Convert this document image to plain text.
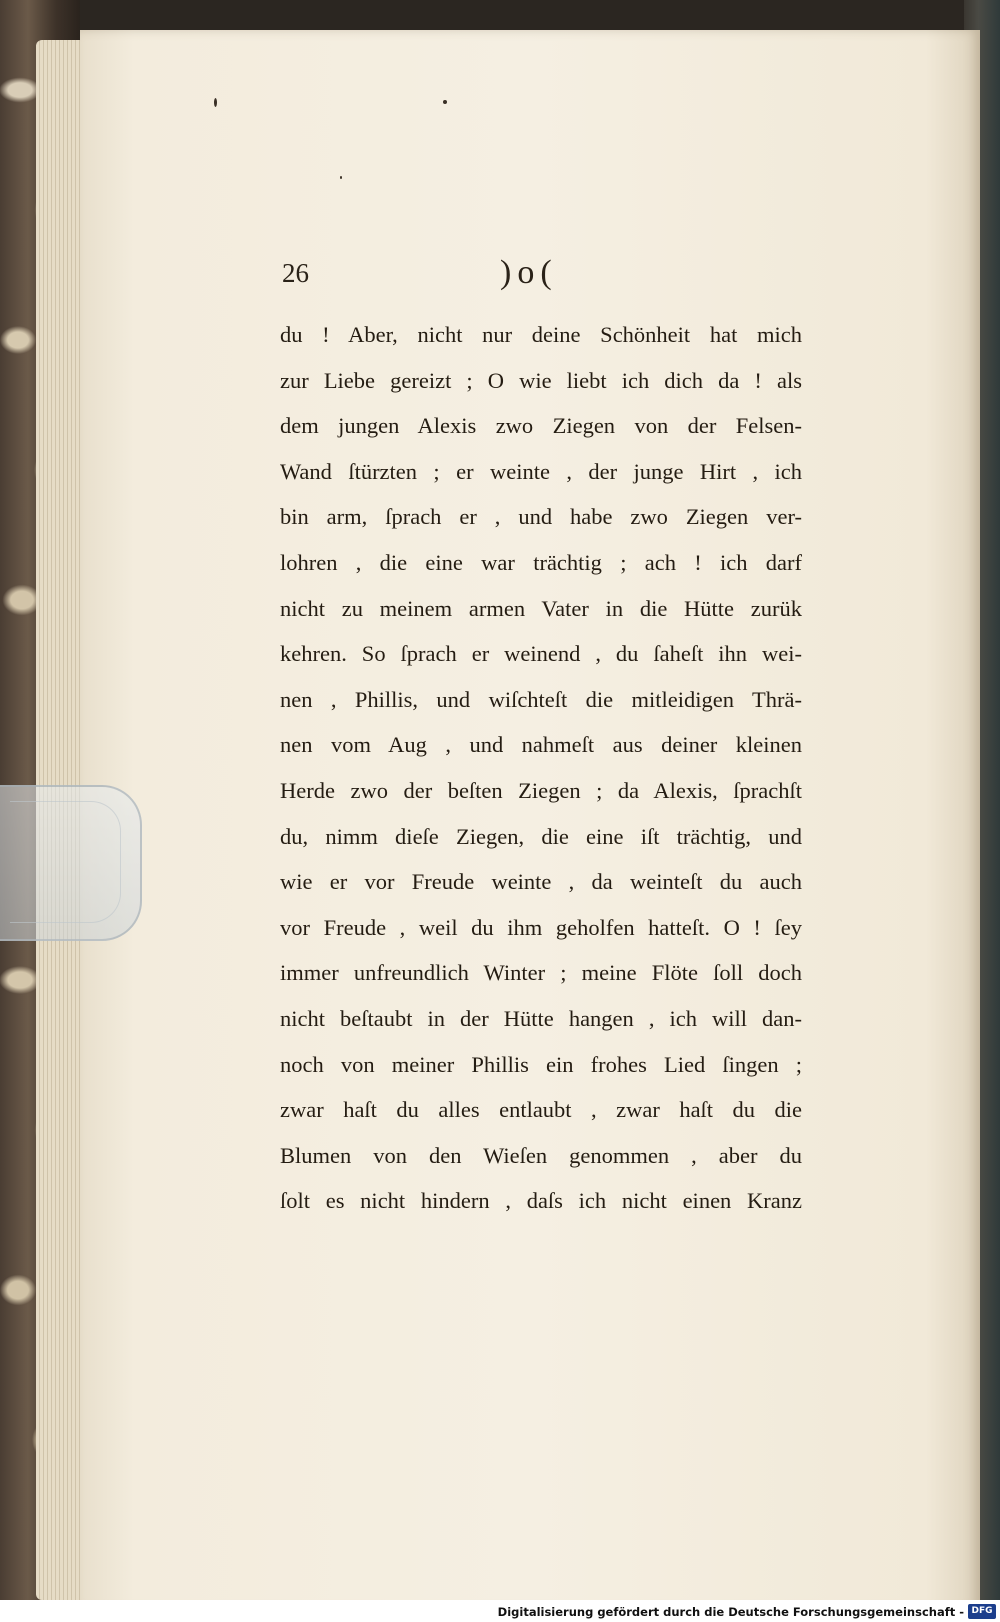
26	)o(
du ! Aber, nicht nur deine Schönheit hat mich
zur Liebe gereizt ; O wie liebt ich dich da ! als
dem jungen Alexis zwo Ziegen von der Felsen-
Wand ſtürzten ; er weinte , der junge Hirt , ich
bin arm, ſprach er , und habe zwo Ziegen ver-
lohren , die eine war trächtig ; ach ! ich darf
nicht zu meinem armen Vater in die Hütte zurük
kehren. So ſprach er weinend , du ſaheſt ihn wei-
nen , Phillis, und wiſchteſt die mitleidigen Thrä-
nen vom Aug , und nahmeſt aus deiner kleinen
Herde zwo der beſten Ziegen ; da Alexis, ſprachſt
du, nimm dieſe Ziegen, die eine iſt trächtig, und
wie er vor Freude weinte , da weinteſt du auch
vor Freude , weil du ihm geholfen hatteſt. O ! ſey
immer unfreundlich Winter ; meine Flöte ſoll doch
nicht beſtaubt in der Hütte hangen , ich will dan-
noch von meiner Phillis ein frohes Lied ſingen ;
zwar haſt du alles entlaubt , zwar haſt du die
Blumen von den Wieſen genommen , aber du
ſolt es nicht hindern , daſs ich nicht einen Kranz
Digitalisierung gefördert durch die Deutsche Forschungsgemeinschaft - DFG
